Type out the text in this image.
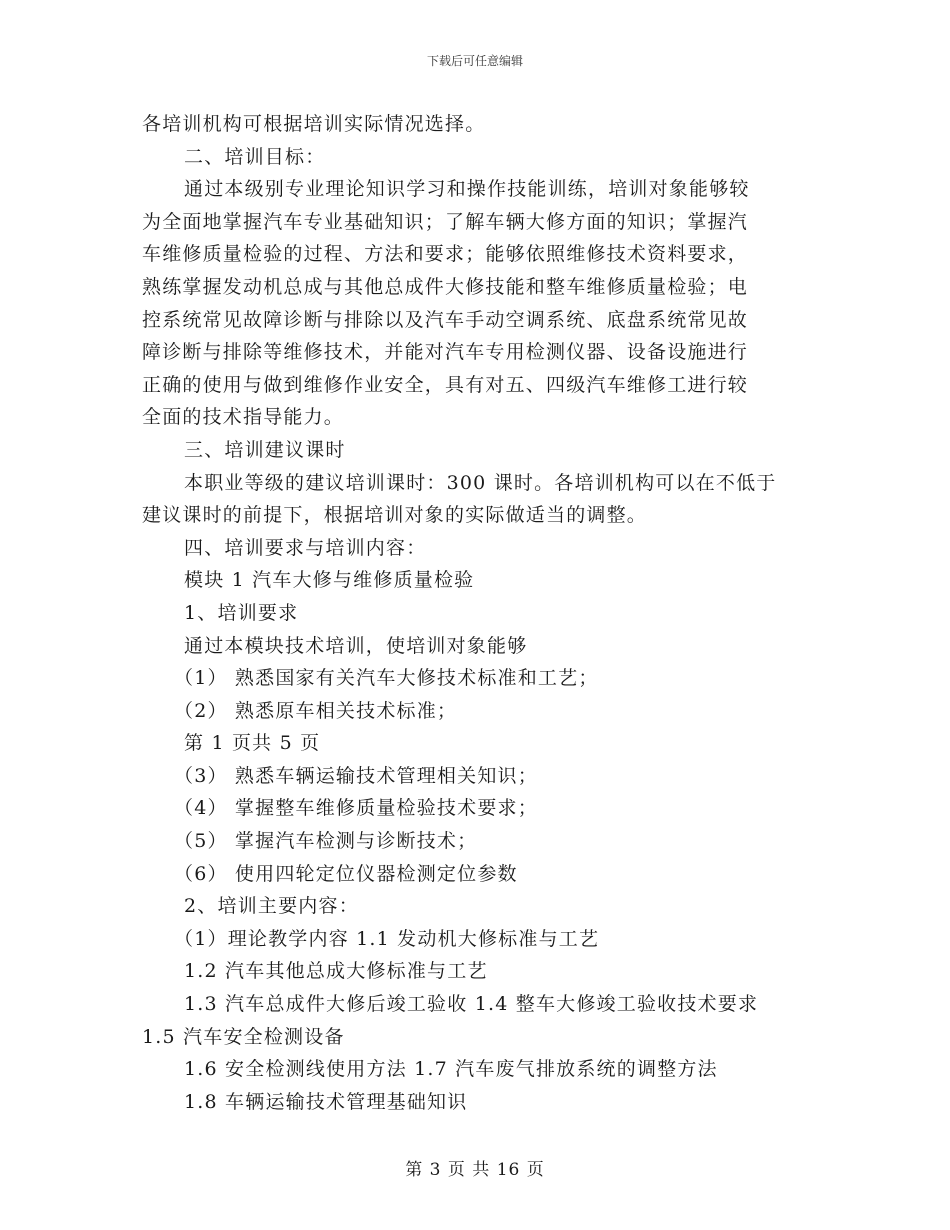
下载后可任意编辑
各培训机构可根据培训实际情况选择。
二、培训目标：
通过本级别专业理论知识学习和操作技能训练，培训对象能够较
为全面地掌握汽车专业基础知识；了解车辆大修方面的知识；掌握汽
车维修质量检验的过程、方法和要求；能够依照维修技术资料要求，
熟练掌握发动机总成与其他总成件大修技能和整车维修质量检验；电
控系统常见故障诊断与排除以及汽车手动空调系统、底盘系统常见故
障诊断与排除等维修技术，并能对汽车专用检测仪器、设备设施进行
正确的使用与做到维修作业安全，具有对五、四级汽车维修工进行较
全面的技术指导能力。
三、培训建议课时
本职业等级的建议培训课时：300 课时。各培训机构可以在不低于
建议课时的前提下，根据培训对象的实际做适当的调整。
四、培训要求与培训内容：
模块 1 汽车大修与维修质量检验
1、培训要求
通过本模块技术培训，使培训对象能够
（1） 熟悉国家有关汽车大修技术标准和工艺；
（2） 熟悉原车相关技术标准；
第 1 页共 5 页
（3） 熟悉车辆运输技术管理相关知识；
（4） 掌握整车维修质量检验技术要求；
（5） 掌握汽车检测与诊断技术；
（6） 使用四轮定位仪器检测定位参数
2、培训主要内容：
（1）理论教学内容 1.1 发动机大修标准与工艺
1.2 汽车其他总成大修标准与工艺
1.3 汽车总成件大修后竣工验收 1.4 整车大修竣工验收技术要求
1.5 汽车安全检测设备
1.6 安全检测线使用方法 1.7 汽车废气排放系统的调整方法
1.8 车辆运输技术管理基础知识
第 3 页 共 16 页
